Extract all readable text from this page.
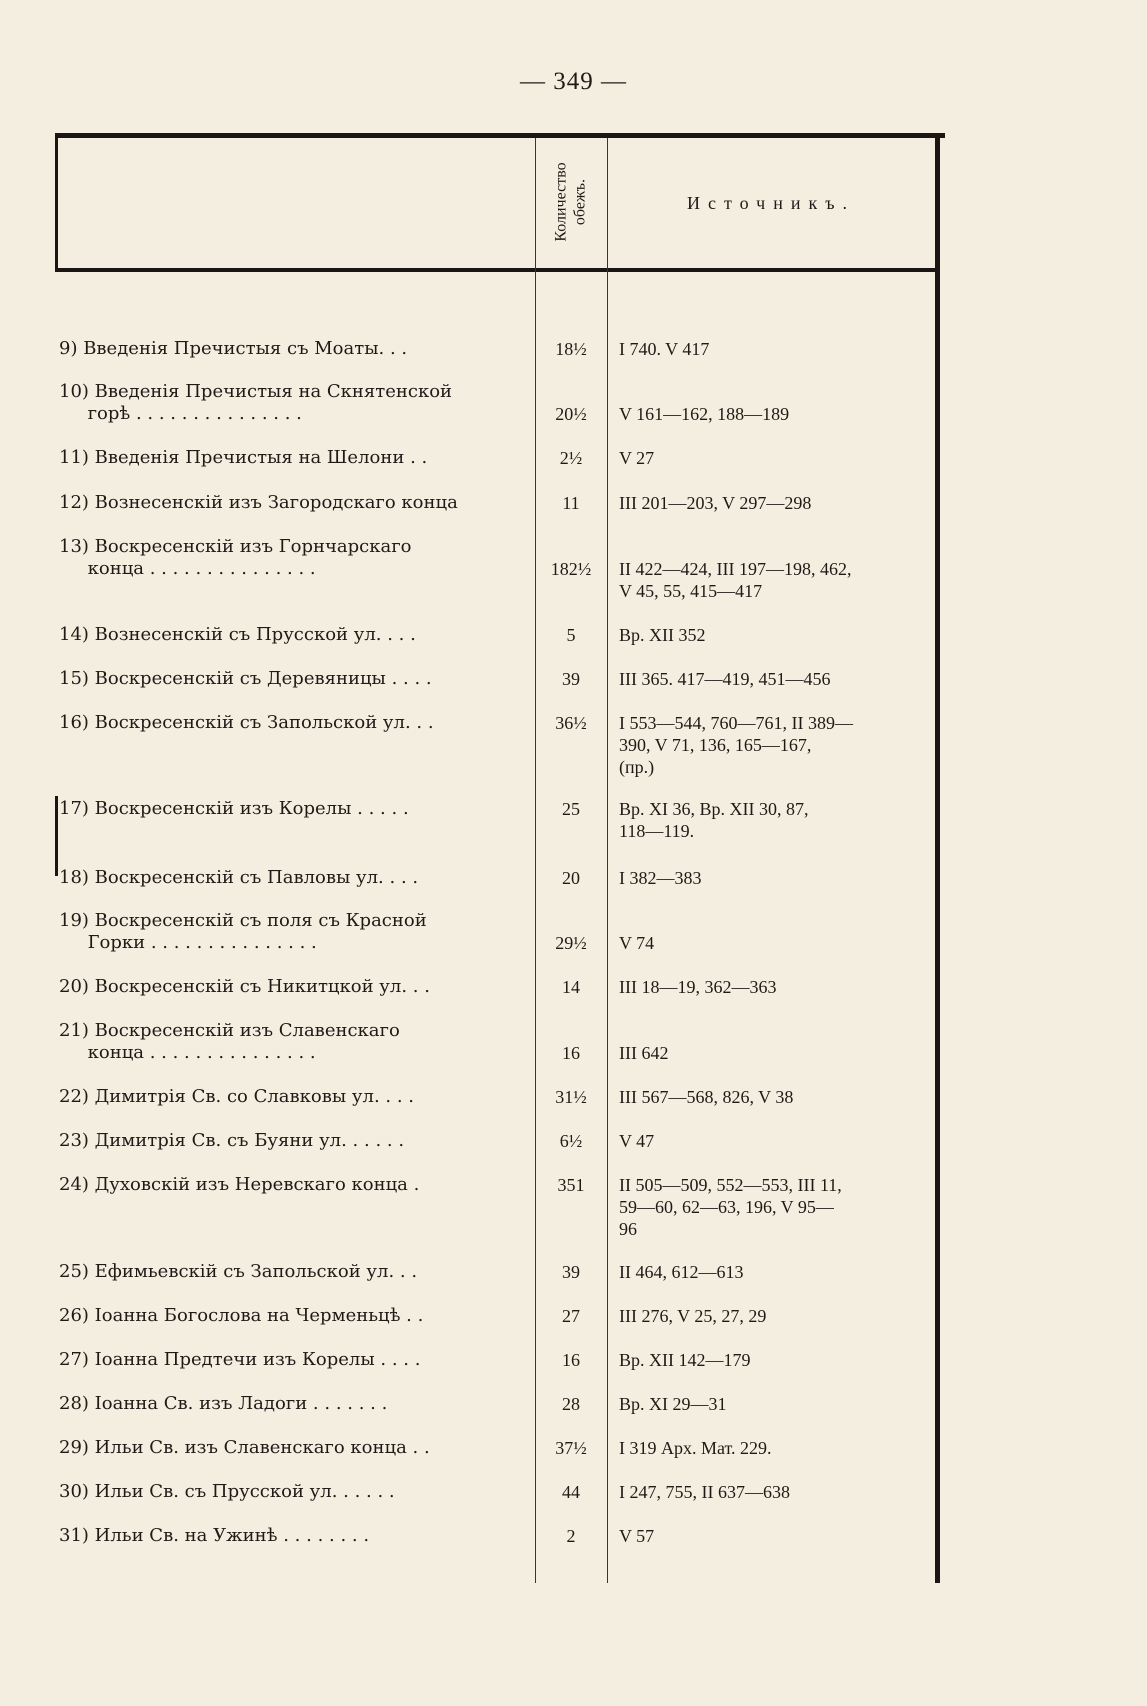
— 349 —
Количество обежъ.	Источникъ.
9) Введенія Пречистыя съ Моаты. . .	18½	I 740. V 417
10) Введенія Пречистыя на Скнятенской
горѣ . . . . . . . . . . . . . . .	20½	V 161—162, 188—189
11) Введенія Пречистыя на Шелони . .	2½	V 27
12) Вознесенскій изъ Загородскаго конца	11	III 201—203, V 297—298
13) Воскресенскій изъ Горнчарскаго
конца . . . . . . . . . . . . . . .	182½	II 422—424, III 197—198, 462,
V 45, 55, 415—417
14) Вознесенскій съ Прусской ул. . . .	5	Вр. XII 352
15) Воскресенскій съ Деревяницы . . . .	39	III 365. 417—419, 451—456
16) Воскресенскій съ Запольской ул. . .	36½	I 553—544, 760—761, II 389—
390, V 71, 136, 165—167,
(пр.)
17) Воскресенскій изъ Корелы . . . . .	25	Вр. XI 36, Вр. XII 30, 87,
118—119.
18) Воскресенскій съ Павловы ул. . . .	20	I 382—383
19) Воскресенскій съ поля съ Красной
Горки . . . . . . . . . . . . . . .	29½	V 74
20) Воскресенскій съ Никитцкой ул. . .	14	III 18—19, 362—363
21) Воскресенскій изъ Славенскаго
конца . . . . . . . . . . . . . . .	16	III 642
22) Димитрія Св. со Славковы ул. . . .	31½	III 567—568, 826, V 38
23) Димитрія Св. съ Буяни ул. . . . . .	6½	V 47
24) Духовскій изъ Неревскаго конца .	351	II 505—509, 552—553, III 11,
59—60, 62—63, 196, V 95—
96
25) Ефимьевскій съ Запольской ул. . .	39	II 464, 612—613
26) Іоанна Богослова на Черменьцѣ . .	27	III 276, V 25, 27, 29
27) Іоанна Предтечи изъ Корелы . . . .	16	Вр. XII 142—179
28) Іоанна Св. изъ Ладоги . . . . . . .	28	Вр. XI 29—31
29) Ильи Св. изъ Славенскаго конца . .	37½	I 319 Арх. Мат. 229.
30) Ильи Св. съ Прусской ул. . . . . .	44	I 247, 755, II 637—638
31) Ильи Св. на Ужинѣ . . . . . . . .	2	V 57
